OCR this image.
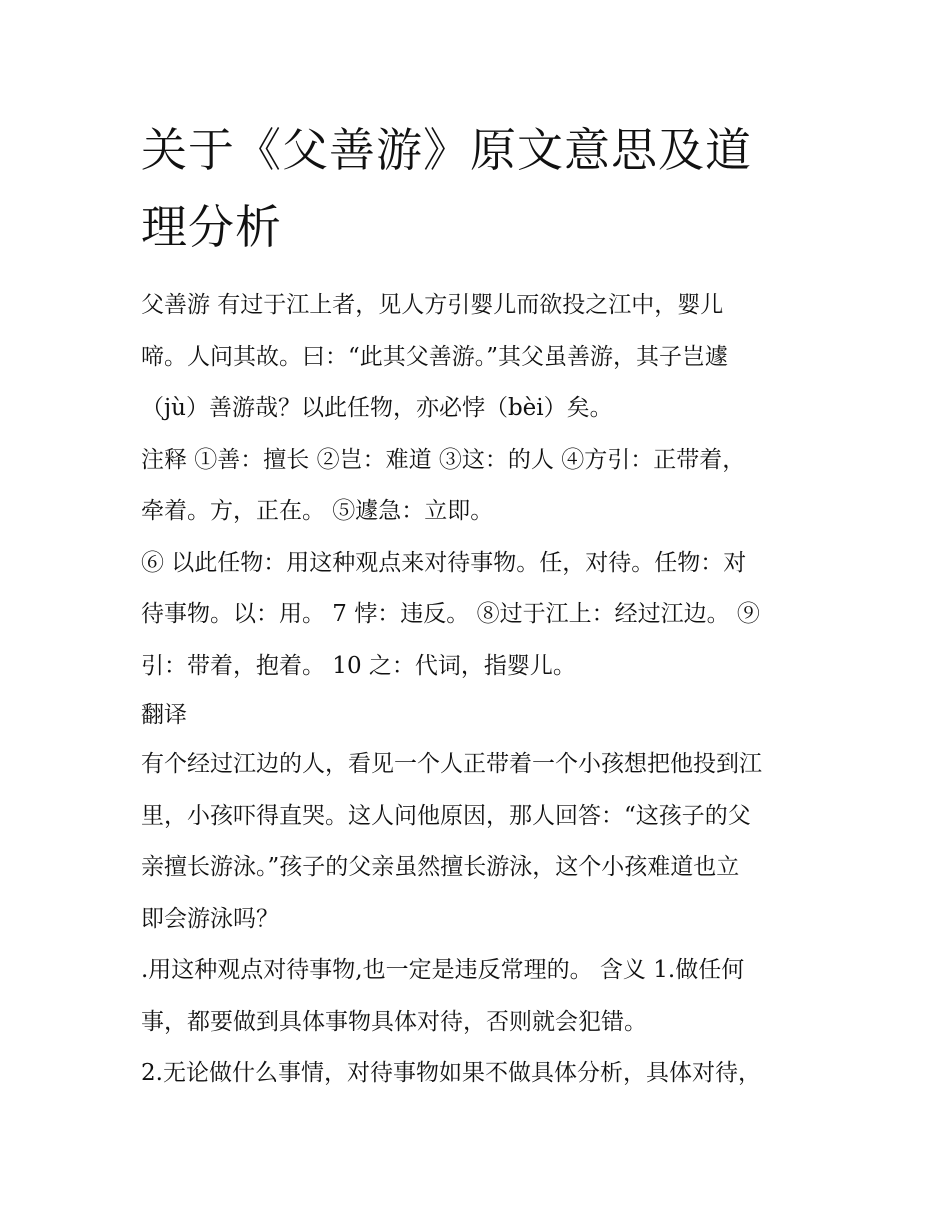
关于《父善游》原文意思及道
理分析
父善游 有过于江上者，见人方引婴儿而欲投之江中，婴儿
啼。人问其故。曰：“此其父善游。”其父虽善游，其子岂遽
（jù）善游哉？以此任物，亦必悖（bèi）矣。
注释 ①善：擅长 ②岂：难道 ③这：的人 ④方引：正带着，
牵着。方，正在。 ⑤遽急：立即。
⑥ 以此任物：用这种观点来对待事物。任，对待。任物：对
待事物。以：用。 7 悖：违反。 ⑧过于江上：经过江边。 ⑨
引：带着，抱着。 10 之：代词，指婴儿。
翻译
有个经过江边的人，看见一个人正带着一个小孩想把他投到江
里，小孩吓得直哭。这人问他原因，那人回答：“这孩子的父
亲擅长游泳。”孩子的父亲虽然擅长游泳，这个小孩难道也立
即会游泳吗？
.用这种观点对待事物,也一定是违反常理的。 含义 1.做任何
事，都要做到具体事物具体对待，否则就会犯错。
2.无论做什么事情，对待事物如果不做具体分析，具体对待，
